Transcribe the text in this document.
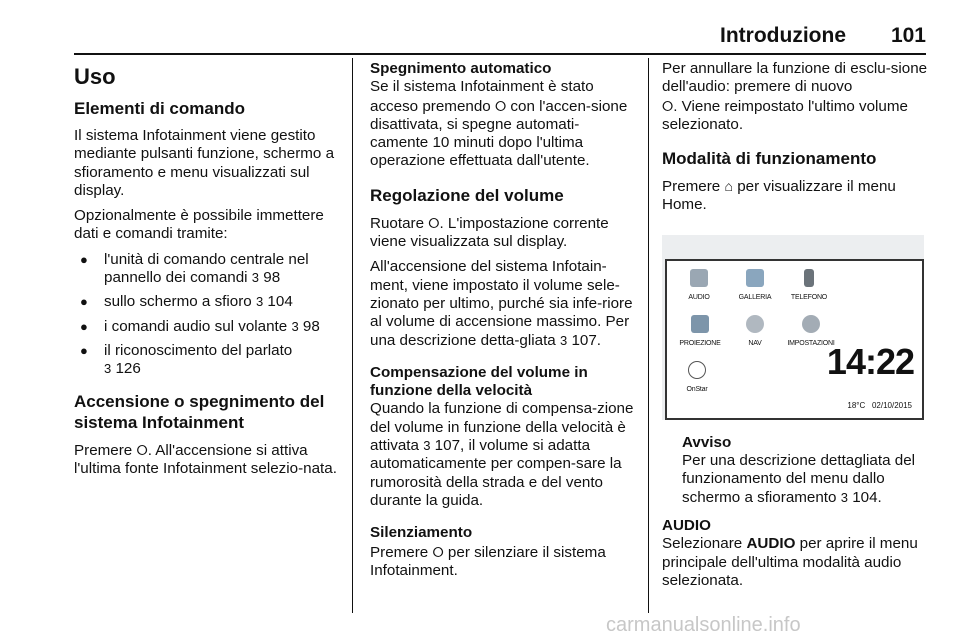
Introduzione 101
Uso
Elementi di comando

Il sistema Infotainment viene gestito mediante pulsanti funzione, schermo a sfioramento e menu visualizzati sul display.

Opzionalmente è possibile immettere dati e comandi tramite:

● l'unità di comando centrale nel pannello dei comandi 3 98
● sullo schermo a sfioro 3 104
● i comandi audio sul volante 3 98
● il riconoscimento del parlato
3 126
Accensione o spegnimento del sistema Infotainment

Premere ⭘. All'accensione si attiva l'ultima fonte Infotainment selezio-nata.

Spegnimento automatico

Se il sistema Infotainment è stato acceso premendo ⭘ con l'accen-sione disattivata, si spegne automati-camente 10 minuti dopo l'ultima operazione effettuata dall'utente.

Regolazione del volume

Ruotare ⭘. L'impostazione corrente viene visualizzata sul display.

All'accensione del sistema Infotain-ment, viene impostato il volume sele-zionato per ultimo, purché sia infe-riore al volume di accensione massimo. Per una descrizione detta-gliata 3 107.

Compensazione del volume in funzione della velocità

Quando la funzione di compensa-zione del volume in funzione della velocità è attivata 3 107, il volume si adatta automaticamente per compen-sare la rumorosità della strada e del vento durante la guida.

Silenziamento

Premere ⭘ per silenziare il sistema Infotainment.

Per annullare la funzione di esclu-sione dell'audio: premere di nuovo
⭘. Viene reimpostato l'ultimo volume selezionato.

Modalità di funzionamento

Premere ⌂ per visualizzare il menu Home.

AUDIO	GALLERIA	TELEFONO
PROIEZIONE	NAV	IMPOSTAZIONI
OnStar
14:22
18°C 02/10/2015
Avviso

Per una descrizione dettagliata del funzionamento del menu dallo schermo a sfioramento 3 104.

AUDIO

Selezionare AUDIO per aprire il menu principale dell'ultima modalità audio selezionata.

carmanualsonline.info
